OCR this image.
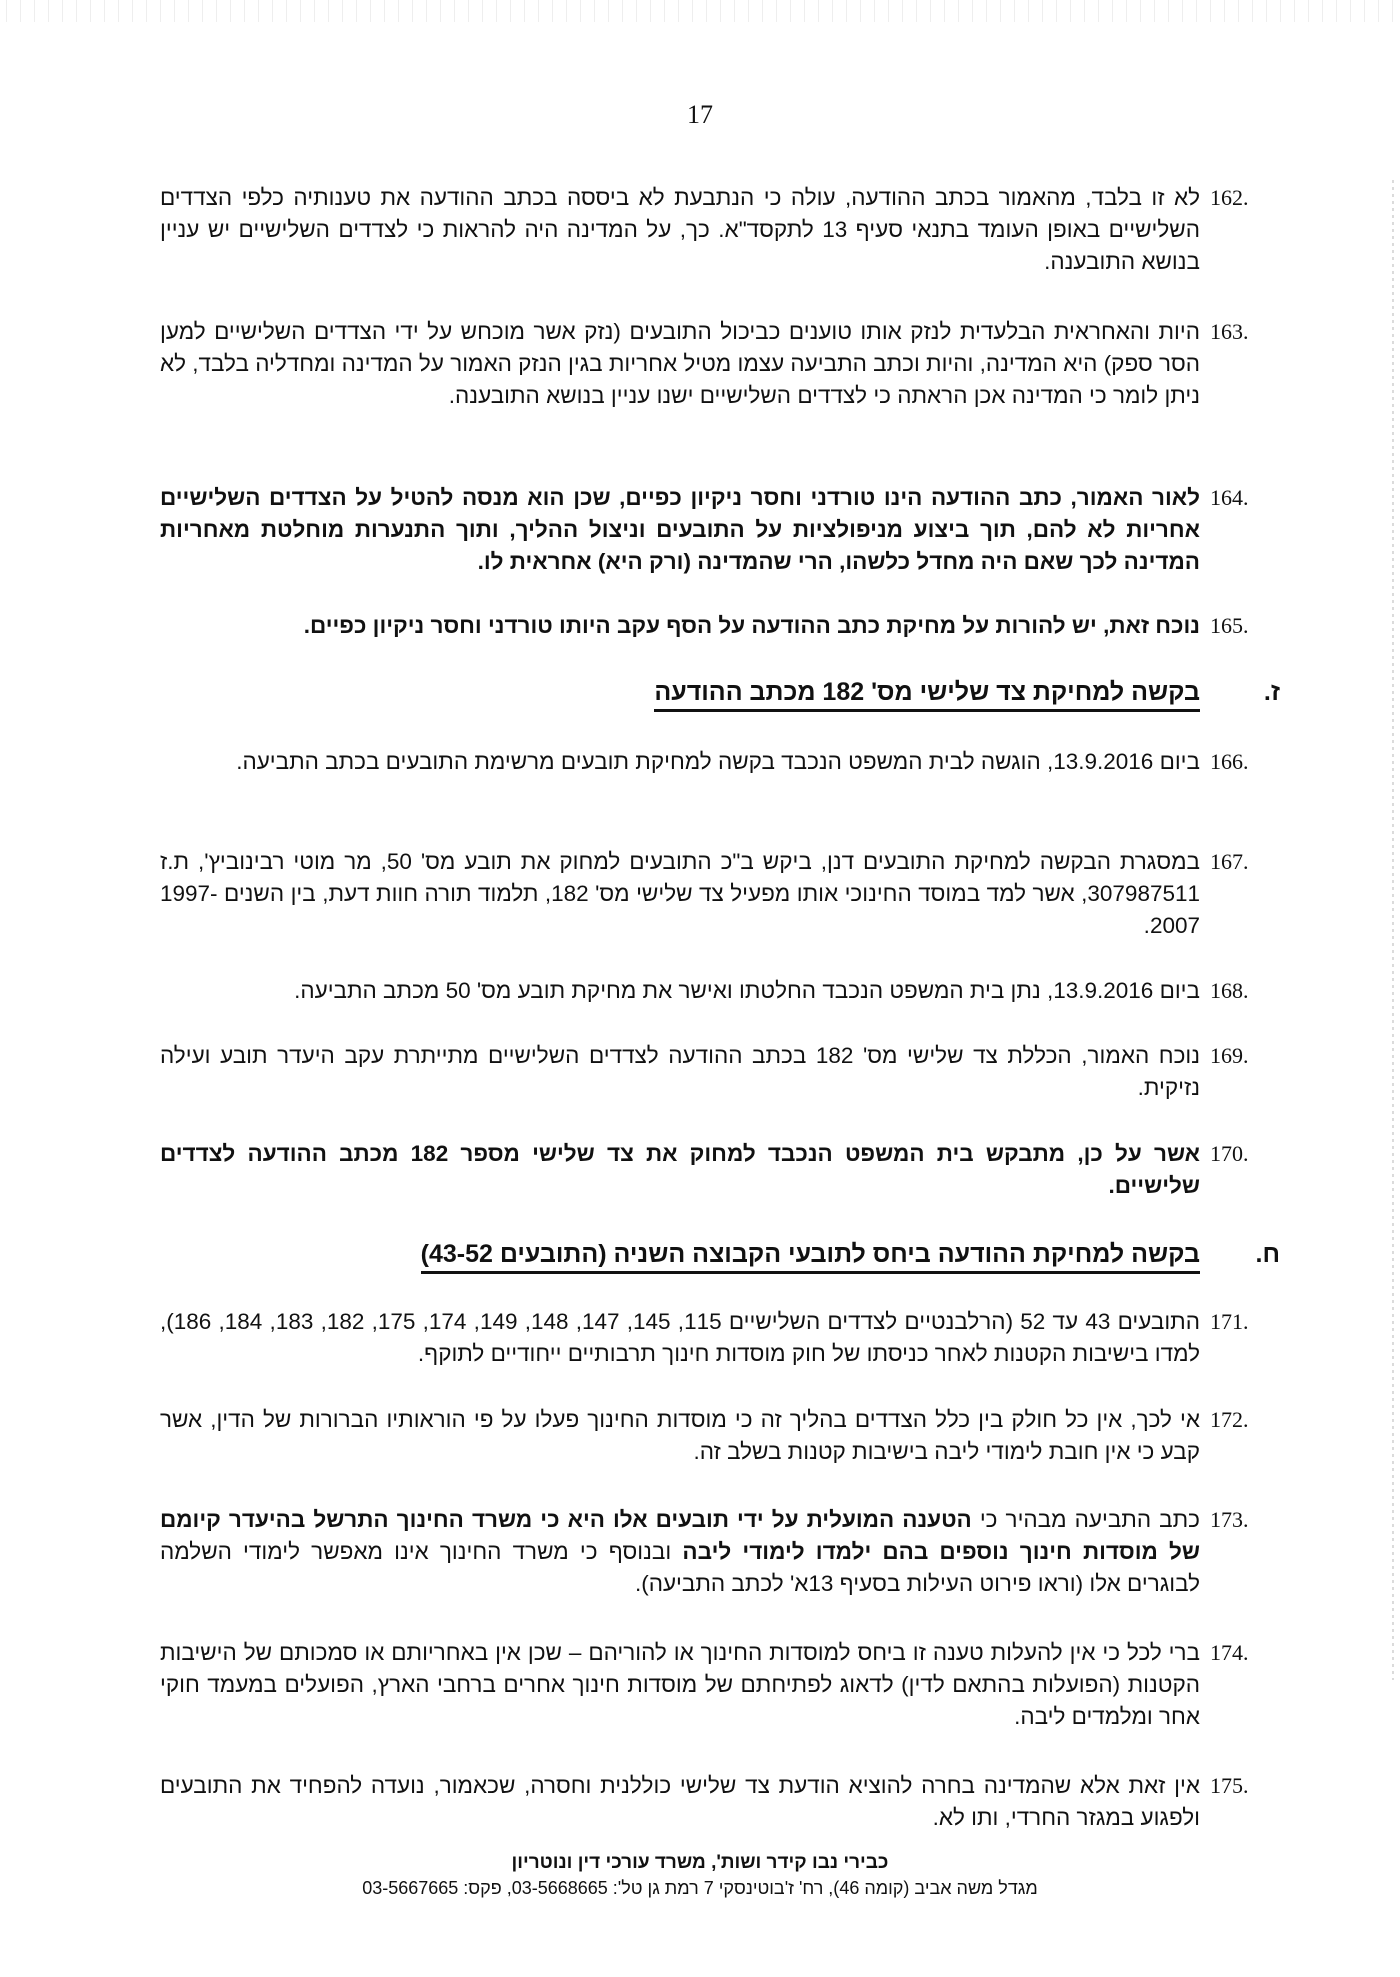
17
162.
לא זו בלבד, מהאמור בכתב ההודעה, עולה כי הנתבעת לא ביססה בכתב ההודעה את טענותיה כלפי הצדדים השלישיים באופן העומד בתנאי סעיף 13 לתקסד"א. כך, על המדינה היה להראות כי לצדדים השלישיים יש עניין בנושא התובענה.
163.
היות והאחראית הבלעדית לנזק אותו טוענים כביכול התובעים (נזק אשר מוכחש על ידי הצדדים השלישיים למען הסר ספק) היא המדינה, והיות וכתב התביעה עצמו מטיל אחריות בגין הנזק האמור על המדינה ומחדליה בלבד, לא ניתן לומר כי המדינה אכן הראתה כי לצדדים השלישיים ישנו עניין בנושא התובענה.
164.
לאור האמור, כתב ההודעה הינו טורדני וחסר ניקיון כפיים, שכן הוא מנסה להטיל על הצדדים השלישיים אחריות לא להם, תוך ביצוע מניפולציות על התובעים וניצול ההליך, ותוך התנערות מוחלטת מאחריות המדינה לכך שאם היה מחדל כלשהו, הרי שהמדינה (ורק היא) אחראית לו.
165.
נוכח זאת, יש להורות על מחיקת כתב ההודעה על הסף עקב היותו טורדני וחסר ניקיון כפיים.
ז.
בקשה למחיקת צד שלישי מס' 182 מכתב ההודעה
166.
ביום 13.9.2016, הוגשה לבית המשפט הנכבד בקשה למחיקת תובעים מרשימת התובעים בכתב התביעה.
167.
במסגרת הבקשה למחיקת התובעים דנן, ביקש ב"כ התובעים למחוק את תובע מס' 50, מר מוטי רבינוביץ', ת.ז 307987511, אשר למד במוסד החינוכי אותו מפעיל צד שלישי מס' 182, תלמוד תורה חוות דעת, בין השנים 1997-2007.
168.
ביום 13.9.2016, נתן בית המשפט הנכבד החלטתו ואישר את מחיקת תובע מס' 50 מכתב התביעה.
169.
נוכח האמור, הכללת צד שלישי מס' 182 בכתב ההודעה לצדדים השלישיים מתייתרת עקב היעדר תובע ועילה נזיקית.
170.
אשר על כן, מתבקש בית המשפט הנכבד למחוק את צד שלישי מספר 182 מכתב ההודעה לצדדים שלישיים.
ח.
בקשה למחיקת ההודעה ביחס לתובעי הקבוצה השניה (התובעים 43-52)
171.
התובעים 43 עד 52 (הרלבנטיים לצדדים השלישיים 115, 145, 147, 148, 149, 174, 175, 182, 183, 184, 186), למדו בישיבות הקטנות לאחר כניסתו של חוק מוסדות חינוך תרבותיים ייחודיים לתוקף.
172.
אי לכך, אין כל חולק בין כלל הצדדים בהליך זה כי מוסדות החינוך פעלו על פי הוראותיו הברורות של הדין, אשר קבע כי אין חובת לימודי ליבה בישיבות קטנות בשלב זה.
173.
כתב התביעה מבהיר כי הטענה המועלית על ידי תובעים אלו היא כי משרד החינוך התרשל בהיעדר קיומם של מוסדות חינוך נוספים בהם ילמדו לימודי ליבה ובנוסף כי משרד החינוך אינו מאפשר לימודי השלמה לבוגרים אלו (וראו פירוט העילות בסעיף 13א' לכתב התביעה).
174.
ברי לכל כי אין להעלות טענה זו ביחס למוסדות החינוך או להוריהם – שכן אין באחריותם או סמכותם של הישיבות הקטנות (הפועלות בהתאם לדין) לדאוג לפתיחתם של מוסדות חינוך אחרים ברחבי הארץ, הפועלים במעמד חוקי אחר ומלמדים ליבה.
175.
אין זאת אלא שהמדינה בחרה להוציא הודעת צד שלישי כוללנית וחסרה, שכאמור, נועדה להפחיד את התובעים ולפגוע במגזר החרדי, ותו לא.
כבירי נבו קידר ושות', משרד עורכי דין ונוטריון
מגדל משה אביב (קומה 46), רח' ז'בוטינסקי 7 רמת גן טל': 03-5668665, פקס: 03-5667665
